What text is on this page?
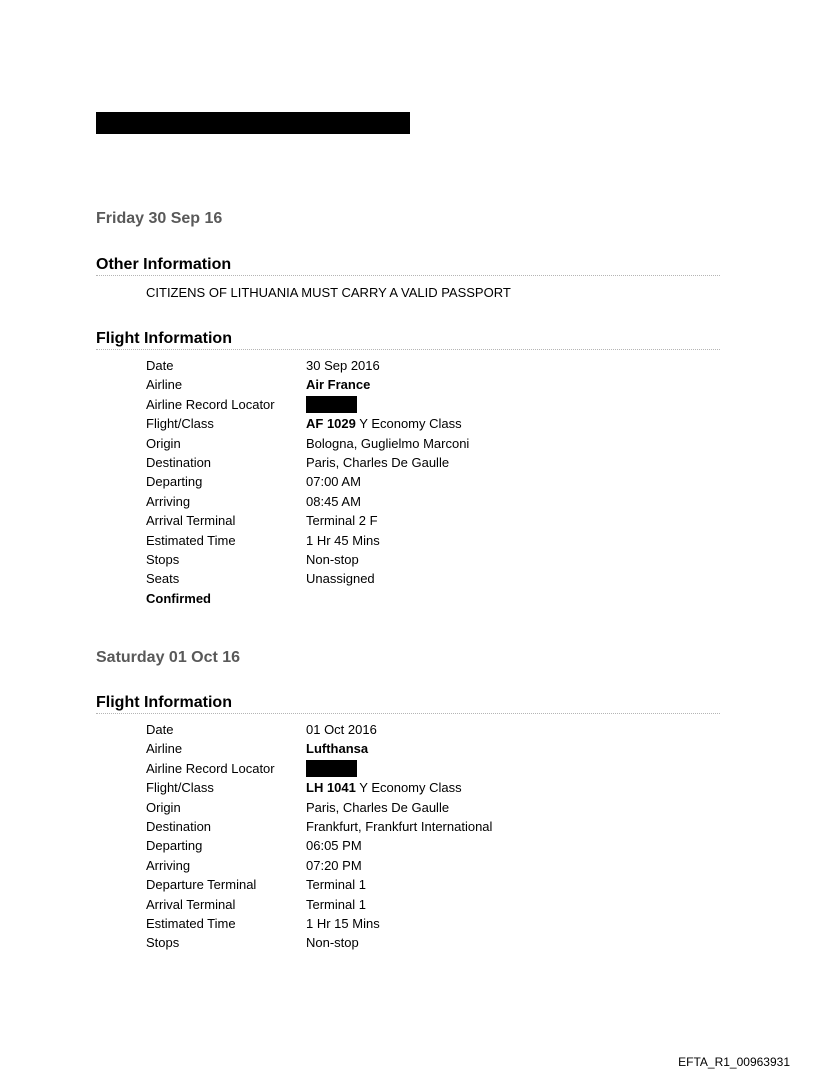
Friday 30 Sep 16
Other Information
CITIZENS OF LITHUANIA MUST CARRY A VALID PASSPORT
Flight Information
Date	30 Sep 2016
Airline	Air France
Airline Record Locator
Flight/Class	AF 1029 Y Economy Class
Origin	Bologna, Guglielmo Marconi
Destination	Paris, Charles De Gaulle
Departing	07:00 AM
Arriving	08:45 AM
Arrival Terminal	Terminal 2 F
Estimated Time	1 Hr 45 Mins
Stops	Non-stop
Seats	Unassigned
Confirmed
Saturday 01 Oct 16
Flight Information
Date	01 Oct 2016
Airline	Lufthansa
Airline Record Locator
Flight/Class	LH 1041 Y Economy Class
Origin	Paris, Charles De Gaulle
Destination	Frankfurt, Frankfurt International
Departing	06:05 PM
Arriving	07:20 PM
Departure Terminal	Terminal 1
Arrival Terminal	Terminal 1
Estimated Time	1 Hr 15 Mins
Stops	Non-stop
EFTA_R1_00963931
